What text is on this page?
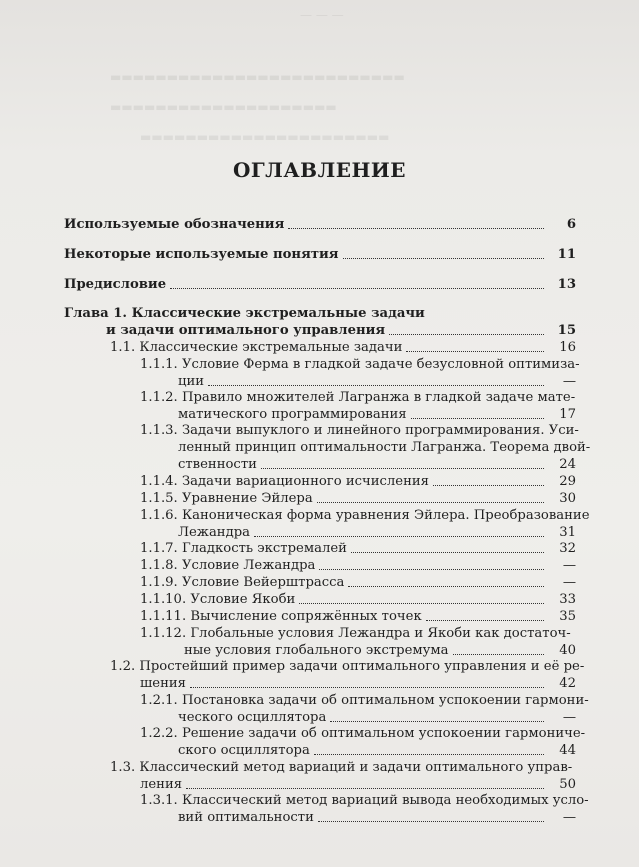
— — —
▬▬▬▬▬▬▬▬▬▬▬▬▬▬▬▬▬▬▬▬▬▬▬▬▬▬
▬▬▬▬▬▬▬▬▬▬▬▬▬▬▬▬▬▬▬▬
▬▬▬▬▬▬▬▬▬▬▬▬▬▬▬▬▬▬▬▬▬▬
ОГЛАВЛЕНИЕ
Используемые обозначения	6
Некоторые используемые понятия	11
Предисловие	13
Глава 1. Классические экстремальные задачи
и задачи оптимального управления	15
1.1. Классические экстремальные задачи	16
1.1.1. Условие Ферма в гладкой задаче безусловной оптимиза-
ции	—
1.1.2. Правило множителей Лагранжа в гладкой задаче мате-
матического программирования	17
1.1.3. Задачи выпуклого и линейного программирования. Уси-
ленный принцип оптимальности Лагранжа. Теорема двой-
ственности	24
1.1.4. Задачи вариационного исчисления	29
1.1.5. Уравнение Эйлера	30
1.1.6. Каноническая форма уравнения Эйлера. Преобразование
Лежандра	31
1.1.7. Гладкость экстремалей	32
1.1.8. Условие Лежандра	—
1.1.9. Условие Вейерштрасса	—
1.1.10. Условие Якоби	33
1.1.11. Вычисление сопряжённых точек	35
1.1.12. Глобальные условия Лежандра и Якоби как достаточ-
ные условия глобального экстремума	40
1.2. Простейший пример задачи оптимального управления и её ре-
шения	42
1.2.1. Постановка задачи об оптимальном успокоении гармони-
ческого осциллятора	—
1.2.2. Решение задачи об оптимальном успокоении гармониче-
ского осциллятора	44
1.3. Классический метод вариаций и задачи оптимального управ-
ления	50
1.3.1. Классический метод вариаций вывода необходимых усло-
вий оптимальности	—
